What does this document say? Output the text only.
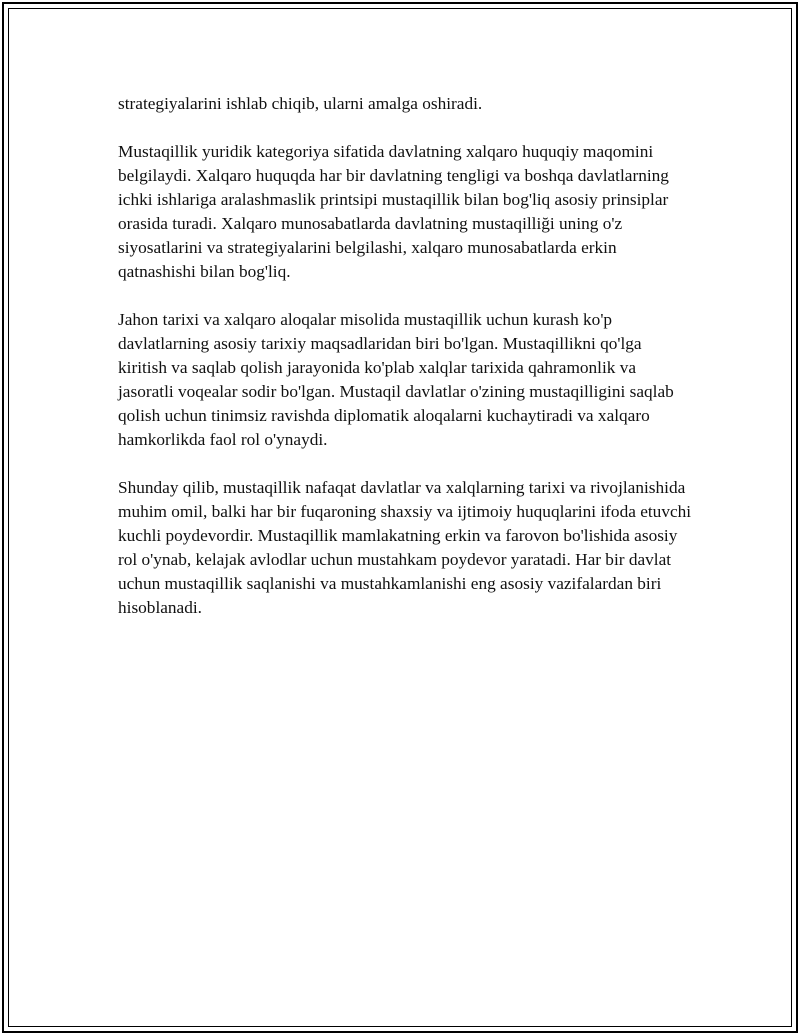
strategiyalarini ishlab chiqib, ularni amalga oshiradi.

Mustaqillik yuridik kategoriya sifatida davlatning xalqaro huquqiy maqomini belgilaydi. Xalqaro huquqda har bir davlatning tengligi va boshqa davlatlarning ichki ishlariga aralashmaslik printsipi mustaqillik bilan bog'liq asosiy prinsiplar orasida turadi. Xalqaro munosabatlarda davlatning mustaqilliği uning o'z siyosatlarini va strategiyalarini belgilashi, xalqaro munosabatlarda erkin qatnashishi bilan bog'liq.

Jahon tarixi va xalqaro aloqalar misolida mustaqillik uchun kurash ko'p davlatlarning asosiy tarixiy maqsadlaridan biri bo'lgan. Mustaqillikni qo'lga kiritish va saqlab qolish jarayonida ko'plab xalqlar tarixida qahramonlik va jasoratli voqealar sodir bo'lgan. Mustaqil davlatlar o'zining mustaqilligini saqlab qolish uchun tinimsiz ravishda diplomatik aloqalarni kuchaytiradi va xalqaro hamkorlikda faol rol o'ynaydi.

Shunday qilib, mustaqillik nafaqat davlatlar va xalqlarning tarixi va rivojlanishida muhim omil, balki har bir fuqaroning shaxsiy va ijtimoiy huquqlarini ifoda etuvchi kuchli poydevordir. Mustaqillik mamlakatning erkin va farovon bo'lishida asosiy rol o'ynab, kelajak avlodlar uchun mustahkam poydevor yaratadi. Har bir davlat uchun mustaqillik saqlanishi va mustahkamlanishi eng asosiy vazifalardan biri hisoblanadi.
